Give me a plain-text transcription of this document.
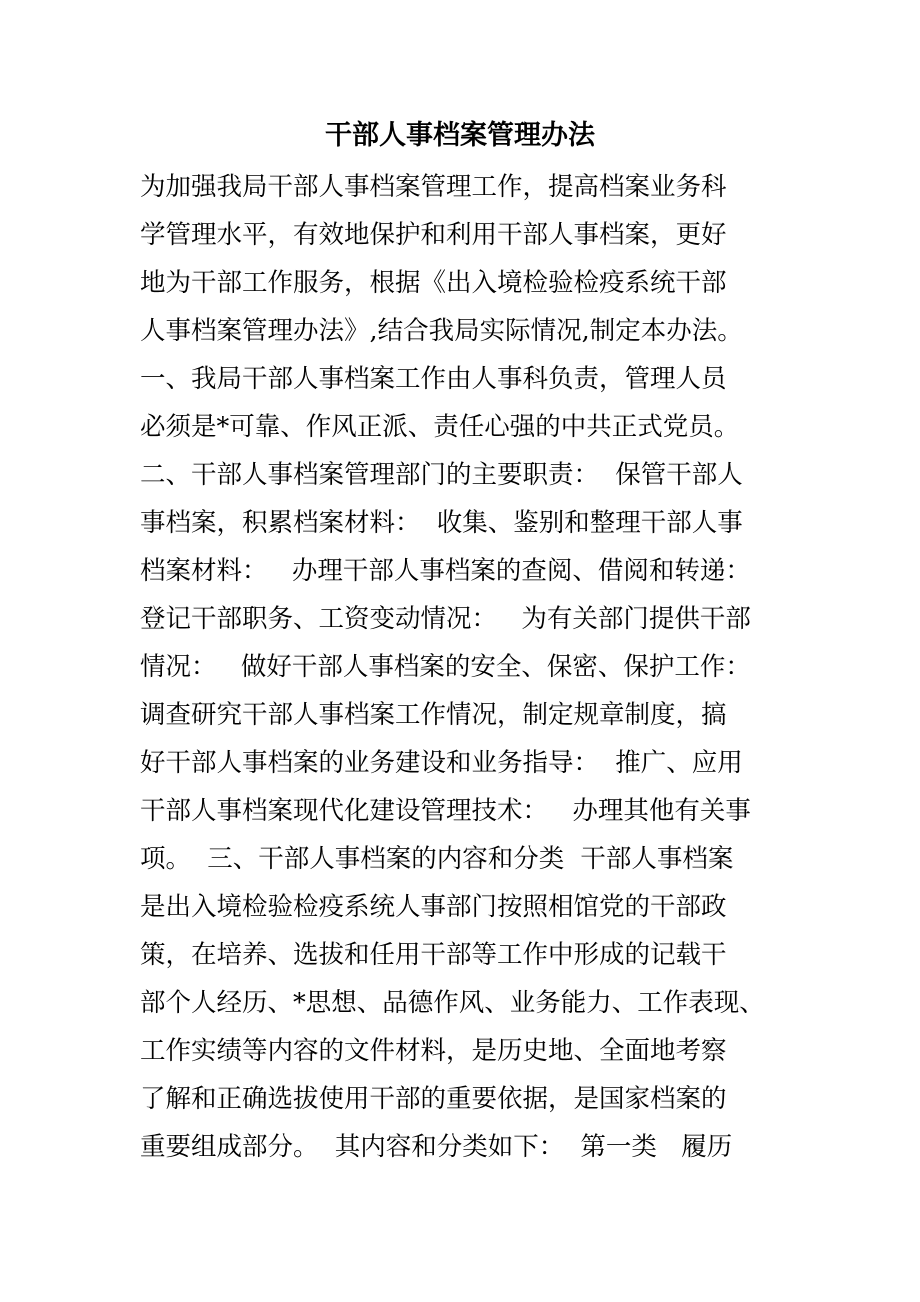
干部人事档案管理办法
为加强我局干部人事档案管理工作，提高档案业务科
学管理水平，有效地保护和利用干部人事档案，更好
地为干部工作服务，根据《出入境检验检疫系统干部
人事档案管理办法》,结合我局实际情况,制定本办法。
一、我局干部人事档案工作由人事科负责，管理人员
必须是*可靠、作风正派、责任心强的中共正式党员。
二、干部人事档案管理部门的主要职责：  保管干部人
事档案，积累档案材料：  收集、鉴别和整理干部人事
档案材料：   办理干部人事档案的查阅、借阅和转递：
登记干部职务、工资变动情况：   为有关部门提供干部
情况：   做好干部人事档案的安全、保密、保护工作：
调查研究干部人事档案工作情况，制定规章制度，搞
好干部人事档案的业务建设和业务指导：  推广、应用
干部人事档案现代化建设管理技术：   办理其他有关事
项。  三、干部人事档案的内容和分类  干部人事档案
是出入境检验检疫系统人事部门按照相馆党的干部政
策，在培养、选拔和任用干部等工作中形成的记载干
部个人经历、*思想、品德作风、业务能力、工作表现、
工作实绩等内容的文件材料，是历史地、全面地考察
了解和正确选拔使用干部的重要依据，是国家档案的
重要组成部分。  其内容和分类如下：  第一类   履历
